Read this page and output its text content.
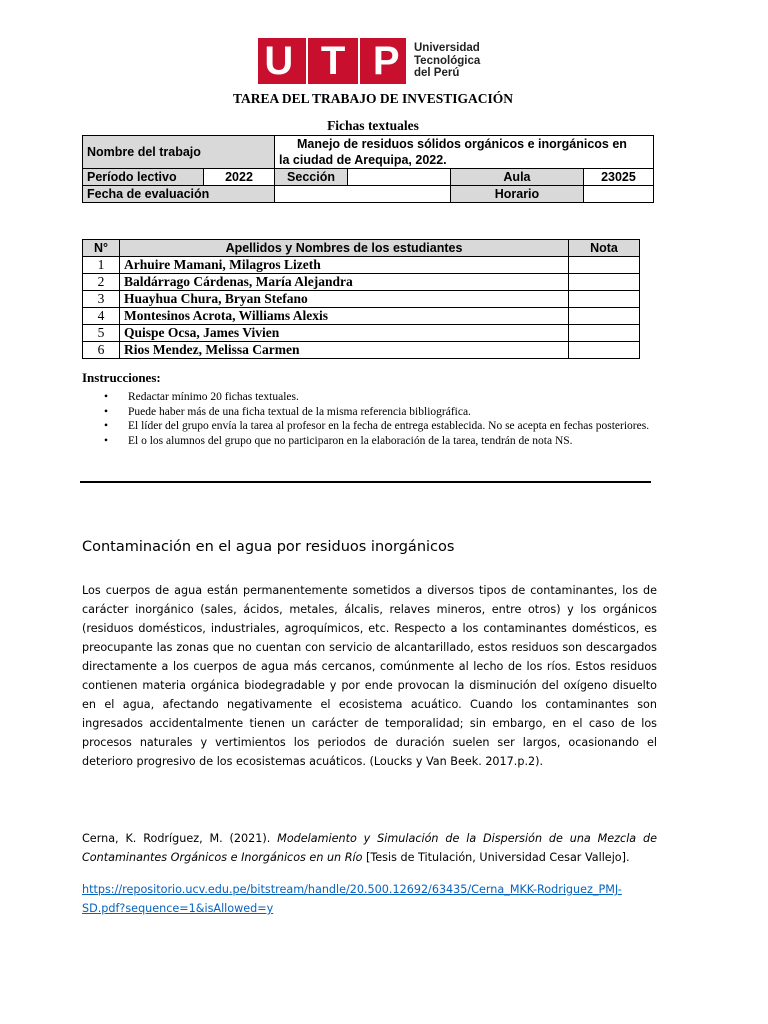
U T P Universidad
Tecnológica
del Perú
TAREA DEL TRABAJO DE INVESTIGACIÓN
Fichas textuales
Nombre del trabajo		Manejo de residuos sólidos orgánicos e inorgánicos en
la ciudad de Arequipa, 2022.			

Período lectivo	2022	Sección		Aula	23025
Fecha de evaluación				Horario	
N°	Apellidos y Nombres de los estudiantes	Nota
1	Arhuire Mamani, Milagros Lizeth	
2	Baldárrago Cárdenas, María Alejandra	
3	Huayhua Chura, Bryan Stefano	
4	Montesinos Acrota, Williams Alexis	
5	Quispe Ocsa, James Vivien	
6	Rios Mendez, Melissa Carmen	
Instrucciones:
• Redactar mínimo 20 fichas textuales.
• Puede haber más de una ficha textual de la misma referencia bibliográfica.
• El líder del grupo envía la tarea al profesor en la fecha de entrega establecida. No se acepta en fechas posteriores.
• El o los alumnos del grupo que no participaron en la elaboración de la tarea, tendrán de nota NS.
Contaminación en el agua por residuos inorgánicos
Los cuerpos de agua están permanentemente sometidos a diversos tipos de contaminantes, los de carácter inorgánico (sales, ácidos, metales, álcalis, relaves mineros, entre otros) y los orgánicos (residuos domésticos, industriales, agroquímicos, etc. Respecto a los contaminantes domésticos, es preocupante las zonas que no cuentan con servicio de alcantarillado, estos residuos son descargados directamente a los cuerpos de agua más cercanos, comúnmente al lecho de los ríos. Estos residuos contienen materia orgánica biodegradable y por ende provocan la disminución del oxígeno disuelto en el agua, afectando negativamente el ecosistema acuático. Cuando los contaminantes son ingresados accidentalmente tienen un carácter de temporalidad; sin embargo, en el caso de los procesos naturales y vertimientos los periodos de duración suelen ser largos, ocasionando el deterioro progresivo de los ecosistemas acuáticos. (Loucks y Van Beek. 2017.p.2).
Cerna, K. Rodríguez, M. (2021). Modelamiento y Simulación de la Dispersión de una Mezcla de Contaminantes Orgánicos e Inorgánicos en un Río [Tesis de Titulación, Universidad Cesar Vallejo].
https://repositorio.ucv.edu.pe/bitstream/handle/20.500.12692/63435/Cerna_MKK-Rodriguez_PMJ-SD.pdf?sequence=1&isAllowed=y
